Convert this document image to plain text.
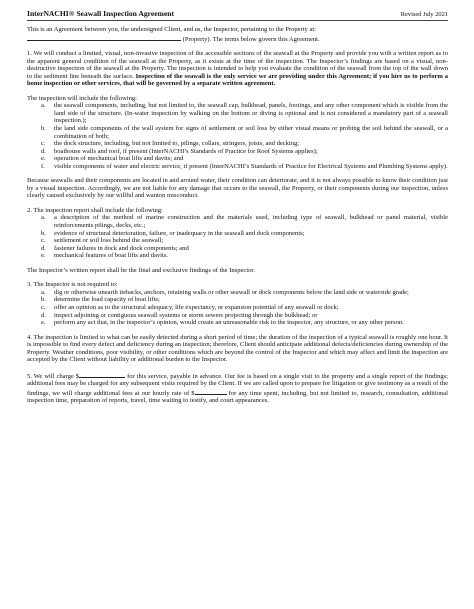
InterNACHI® Seawall Inspection Agreement	Revised July 2021

This is an Agreement between you, the undersigned Client, and us, the Inspector, pertaining to the Property at:
(Property). The terms below govern this Agreement.

1. We will conduct a limited, visual, non-invasive inspection of the accessible sections of the seawall at the Property and provide you with a written report as to the apparent general condition of the seawall at the Property, as it exists at the time of the inspection. The Inspector’s findings are based on a visual, non-destructive inspection of the seawall at the Property. The inspection is intended to help you evaluate the condition of the seawall from the top of the wall down to the sediment line beneath the surface. Inspection of the seawall is the only service we are providing under this Agreement; if you hire us to perform a home inspection or other services, that will be governed by a separate written agreement.

The inspection will include the following:

a. the seawall components, including, but not limited to, the seawall cap, bulkhead, panels, footings, and any other component which is visible from the land side of the structure. (In-water inspection by walking on the bottom or diving is optional and is not considered a mandatory part of a seawall inspection.);
b. the land side components of the wall system for signs of settlement or soil loss by either visual means or probing the soil behind the seawall, or a combination of both;
c. the dock structure, including, but not limited to, pilings, collars, stringers, joists, and decking;
d. boathouse walls and roof, if present (InterNACHI’s Standards of Practice for Roof Systems applies);
e. operation of mechanical boat lifts and davits; and
f. visible components of water and electric service, if present (InterNACHI’s Standards of Practice for Electrical Systems and Plumbing Systems apply).

Because seawalls and their components are located in and around water, their condition can deteriorate, and it is not always possible to know their condition just by a visual inspection. Accordingly, we are not liable for any damage that occurs to the seawall, the Property, or their components during our inspection, unless clearly caused exclusively by our willful and wanton misconduct.

2. The inspection report shall include the following:

a. a description of the method of marine construction and the materials used, including type of seawall, bulkhead or panel material, visible reinforcements pilings, decks, etc.;
b. evidence of structural deterioration, failure, or inadequacy in the seawall and dock components;
c. settlement or soil loss behind the seawall;
d. fastener failures in dock and dock components; and
e. mechanical features of boat lifts and davits.

The Inspector’s written report shall be the final and exclusive findings of the Inspector.

3. The Inspector is not required to:

a. dig or otherwise unearth tiebacks, anchors, retaining walls or other seawall or dock components below the land side or waterside grade;
b. determine the load capacity of boat lifts;
c. offer an opinion as to the structural adequacy, life expectancy, or expansion potential of any seawall or dock;
d. inspect adjoining or contiguous seawall systems or storm sewers projecting through the bulkhead; or
e. perform any act that, in the inspector’s opinion, would create an unreasonable risk to the inspector, any structure, or any other person.

4. The inspection is limited to what can be easily detected during a short period of time; the duration of the inspection of a typical seawall is roughly one hour. It is impossible to find every defect and deficiency during an inspection; therefore, Client should anticipate additional defects/deficiencies during ownership of the Property. Weather conditions, poor visibility, or other conditions which are beyond the control of the Inspector and which may affect and limit the inspection are accepted by the Client without liability or additional burden to the Inspector.

5. We will charge $	for this service, payable in advance. Our fee is based on a single visit to the property and a single report of the findings; additional fees may be charged for any subsequent visits required by the Client. If we are called upon to prepare for litigation or give testimony as a result of the findings, we will charge additional fees at our hourly rate of $	for any time spent, including, but not limited to, research, consultation, additional inspection time, preparation of reports, travel, time waiting to testify, and court appearances.
